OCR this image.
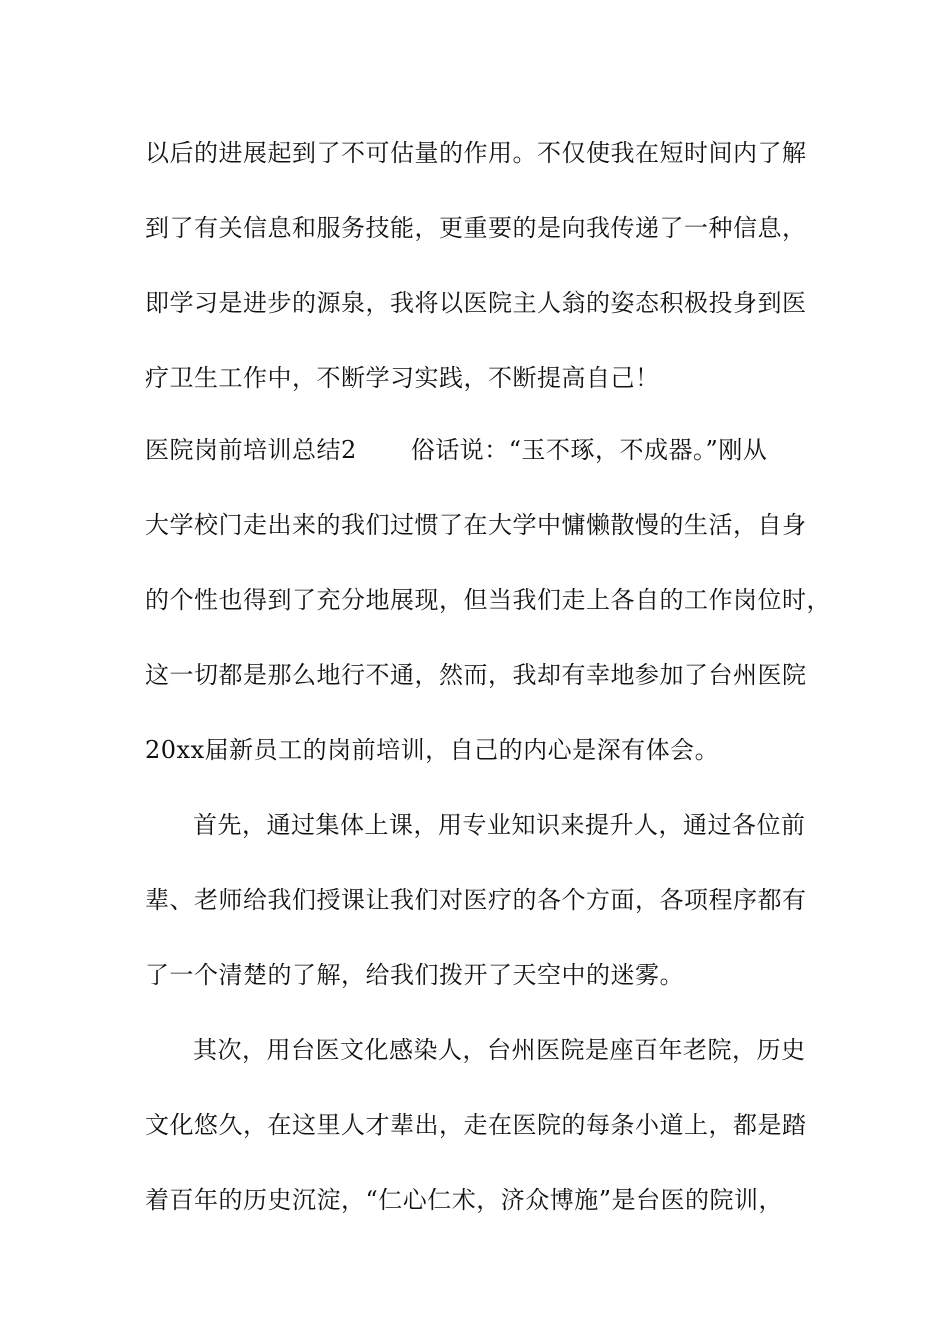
以后的进展起到了不可估量的作用。不仅使我在短时间内了解
到了有关信息和服务技能，更重要的是向我传递了一种信息，
即学习是进步的源泉，我将以医院主人翁的姿态积极投身到医
疗卫生工作中，不断学习实践，不断提高自己！
医院岗前培训总结2 俗话说：“玉不琢，不成器。”刚从
大学校门走出来的我们过惯了在大学中慵懒散慢的生活，自身
的个性也得到了充分地展现，但当我们走上各自的工作岗位时，
这一切都是那么地行不通，然而，我却有幸地参加了台州医院
20xx届新员工的岗前培训，自己的内心是深有体会。
首先，通过集体上课，用专业知识来提升人，通过各位前
辈、老师给我们授课让我们对医疗的各个方面，各项程序都有
了一个清楚的了解，给我们拨开了天空中的迷雾。
其次，用台医文化感染人，台州医院是座百年老院，历史
文化悠久，在这里人才辈出，走在医院的每条小道上，都是踏
着百年的历史沉淀，“仁心仁术，济众博施”是台医的院训，
